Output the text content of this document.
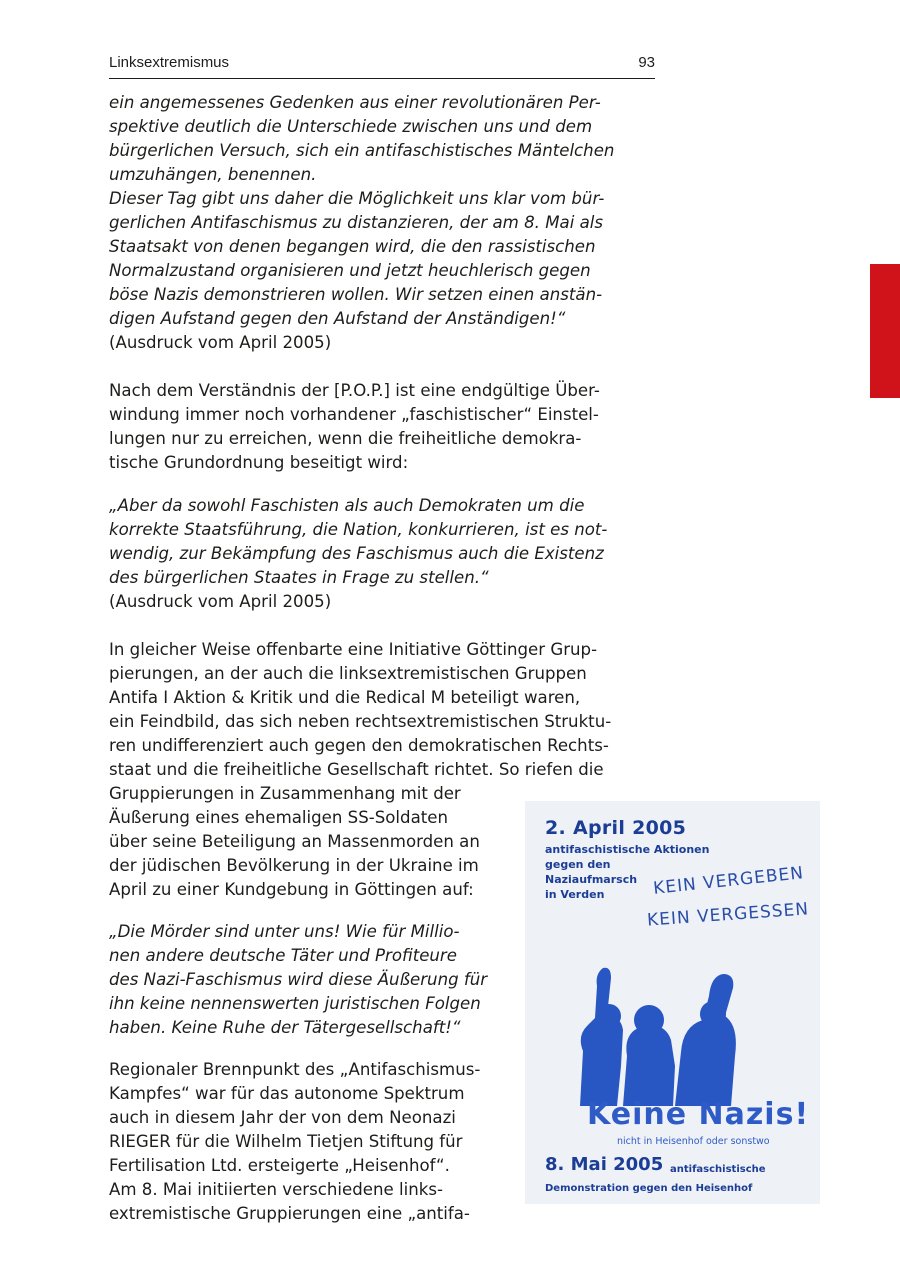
Linksextremismus	93
ein angemessenes Gedenken aus einer revolutionären Per-
spektive deutlich die Unterschiede zwischen uns und dem
bürgerlichen Versuch, sich ein antifaschistisches Mäntelchen
umzuhängen, benennen.
Dieser Tag gibt uns daher die Möglichkeit uns klar vom bür-
gerlichen Antifaschismus zu distanzieren, der am 8. Mai als
Staatsakt von denen begangen wird, die den rassistischen
Normalzustand organisieren und jetzt heuchlerisch gegen
böse Nazis demonstrieren wollen. Wir setzen einen anstän-
digen Aufstand gegen den Aufstand der Anständigen!“
(Ausdruck vom April 2005)
Nach dem Verständnis der [P.O.P.] ist eine endgültige Über-
windung immer noch vorhandener „faschistischer“ Einstel-
lungen nur zu erreichen, wenn die freiheitliche demokra-
tische Grundordnung beseitigt wird:
„Aber da sowohl Faschisten als auch Demokraten um die
korrekte Staatsführung, die Nation, konkurrieren, ist es not-
wendig, zur Bekämpfung des Faschismus auch die Existenz
des bürgerlichen Staates in Frage zu stellen.“
(Ausdruck vom April 2005)
In gleicher Weise offenbarte eine Initiative Göttinger Grup-
pierungen, an der auch die linksextremistischen Gruppen
Antifa I Aktion & Kritik und die Redical M beteiligt waren,
ein Feindbild, das sich neben rechtsextremistischen Struktu-
ren undifferenziert auch gegen den demokratischen Rechts-
staat und die freiheitliche Gesellschaft richtet. So riefen die
Gruppierungen in Zusammenhang mit der
Äußerung eines ehemaligen SS-Soldaten
über seine Beteiligung an Massenmorden an
der jüdischen Bevölkerung in der Ukraine im
April zu einer Kundgebung in Göttingen auf:
„Die Mörder sind unter uns! Wie für Millio-
nen andere deutsche Täter und Profiteure
des Nazi-Faschismus wird diese Äußerung für
ihn keine nennenswerten juristischen Folgen
haben. Keine Ruhe der Tätergesellschaft!“
Regionaler Brennpunkt des „Antifaschismus-
Kampfes“ war für das autonome Spektrum
auch in diesem Jahr der von dem Neonazi
RIEGER für die Wilhelm Tietjen Stiftung für
Fertilisation Ltd. ersteigerte „Heisenhof“.
Am 8. Mai initiierten verschiedene links-
extremistische Gruppierungen eine „antifa-
2. April 2005
antifaschistische Aktionen
gegen den
Naziaufmarsch
in Verden	KEIN VERGEBEN
KEIN VERGESSEN
Keine Nazis!
nicht in Heisenhof oder sonstwo
8. Mai 2005 antifaschistische
Demonstration gegen den Heisenhof
